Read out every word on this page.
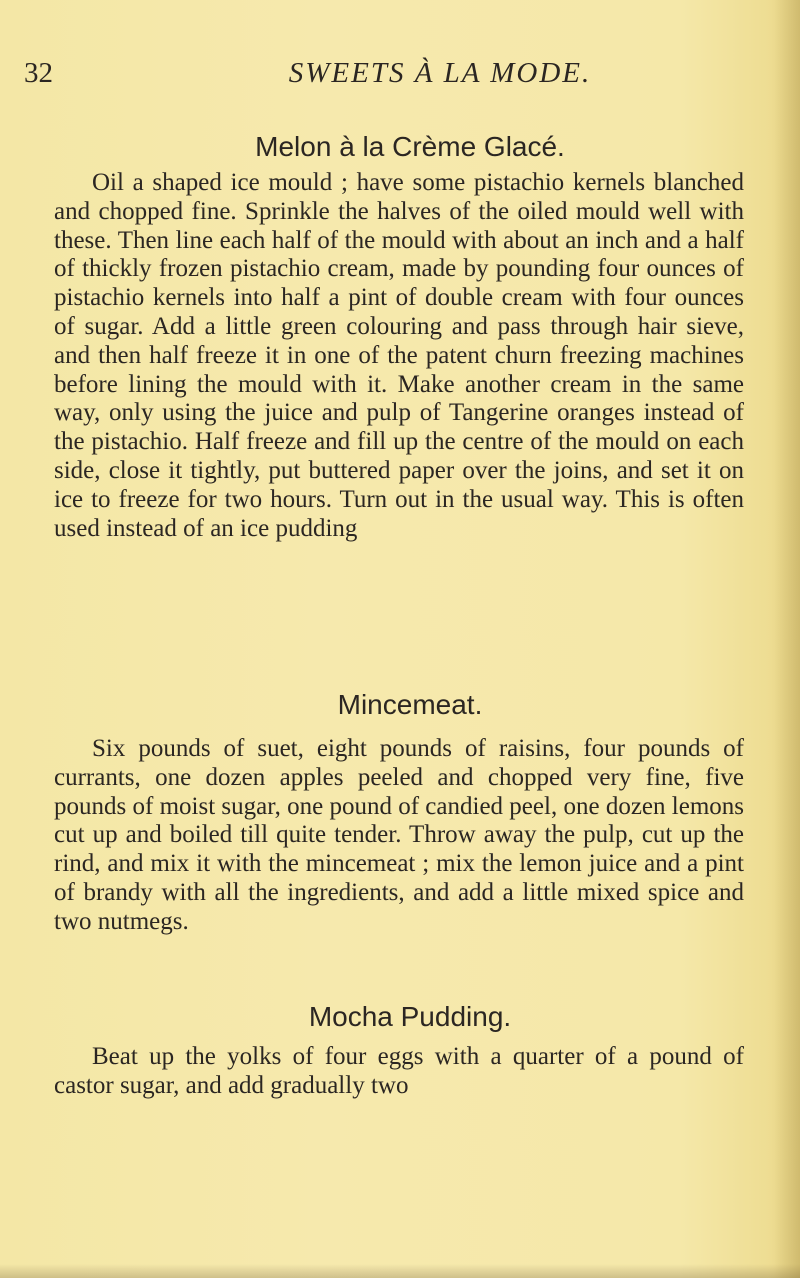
32	SWEETS À LA MODE.
Melon à la Crème Glacé.

Oil a shaped ice mould ; have some pistachio kernels blanched and chopped fine. Sprinkle the halves of the oiled mould well with these. Then line each half of the mould with about an inch and a half of thickly frozen pistachio cream, made by pounding four ounces of pistachio kernels into half a pint of double cream with four ounces of sugar. Add a little green colouring and pass through hair sieve, and then half freeze it in one of the patent churn freezing machines before lining the mould with it. Make another cream in the same way, only using the juice and pulp of Tangerine oranges instead of the pistachio. Half freeze and fill up the centre of the mould on each side, close it tightly, put buttered paper over the joins, and set it on ice to freeze for two hours. Turn out in the usual way. This is often used instead of an ice pudding

Mincemeat.

Six pounds of suet, eight pounds of raisins, four pounds of currants, one dozen apples peeled and chopped very fine, five pounds of moist sugar, one pound of candied peel, one dozen lemons cut up and boiled till quite tender. Throw away the pulp, cut up the rind, and mix it with the mincemeat ; mix the lemon juice and a pint of brandy with all the ingredients, and add a little mixed spice and two nutmegs.

Mocha Pudding.

Beat up the yolks of four eggs with a quarter of a pound of castor sugar, and add gradually two
